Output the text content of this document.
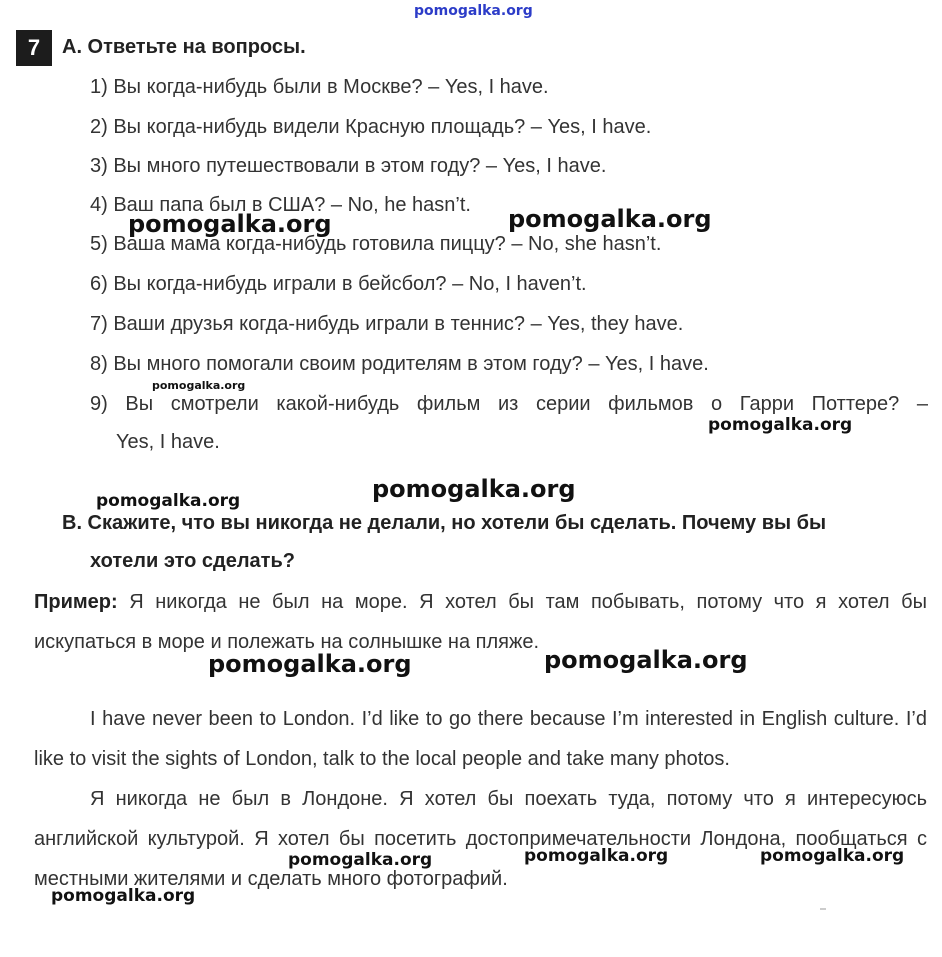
pomogalka.org
7	A. Ответьте на вопросы.
1) Вы когда-нибудь были в Москве? – Yes, I have.
2) Вы когда-нибудь видели Красную площадь? – Yes, I have.
3) Вы много путешествовали в этом году? – Yes, I have.
4) Ваш папа был в США? – No, he hasn’t.
5) Ваша мама когда-нибудь готовила пиццу? – No, she hasn’t.
6) Вы когда-нибудь играли в бейсбол? – No, I haven’t.
7) Ваши друзья когда-нибудь играли в теннис? – Yes, they have.
8) Вы много помогали своим родителям в этом году? – Yes, I have.
9) Вы смотрели какой-нибудь фильм из серии фильмов о Гарри Поттере? –
Yes, I have.
B. Скажите, что вы никогда не делали, но хотели бы сделать. Почему вы бы
хотели это сделать?
Пример: Я никогда не был на море. Я хотел бы там побывать, потому что я хотел бы искупаться в море и полежать на солнышке на пляже.
I have never been to London. I’d like to go there because I’m interested in English culture. I’d like to visit the sights of London, talk to the local people and take many photos.
Я никогда не был в Лондоне. Я хотел бы поехать туда, потому что я интересуюсь английской культурой. Я хотел бы посетить достопримечательности Лондона, пообщаться с местными жителями и сделать много фотографий.
pomogalka.org	pomogalka.org
pomogalka.org
pomogalka.org
pomogalka.org
pomogalka.org
pomogalka.org	pomogalka.org
pomogalka.org	pomogalka.org	pomogalka.org
pomogalka.org
